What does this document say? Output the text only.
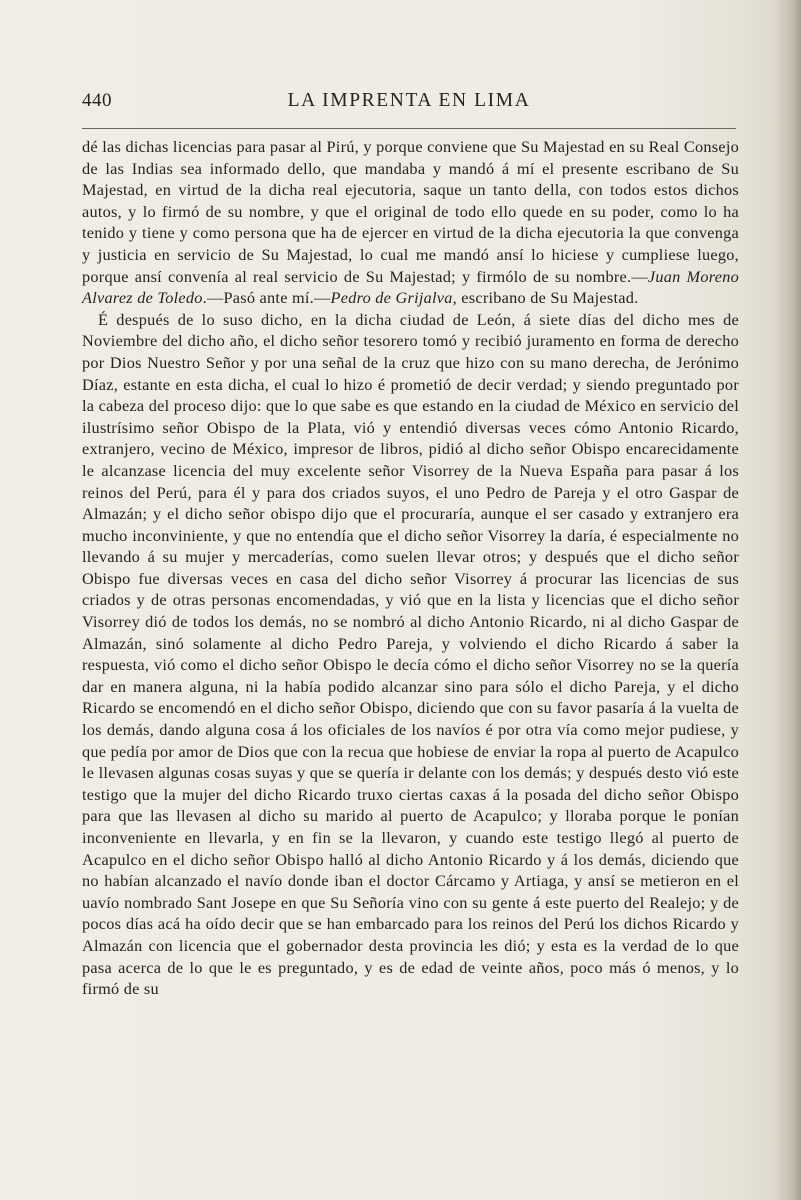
440	LA IMPRENTA EN LIMA

dé las dichas licencias para pasar al Pirú, y porque conviene que Su Majestad en su Real Consejo de las Indias sea informado dello, que mandaba y mandó á mí el presente escribano de Su Majestad, en virtud de la dicha real ejecutoria, saque un tanto della, con todos estos dichos autos, y lo firmó de su nombre, y que el original de todo ello quede en su poder, como lo ha tenido y tiene y como persona que ha de ejercer en virtud de la dicha ejecutoria la que convenga y justicia en servicio de Su Majestad, lo cual me mandó ansí lo hiciese y cumpliese luego, porque ansí convenía al real servicio de Su Majestad; y firmólo de su nombre.—Juan Moreno Alvarez de Toledo.—Pasó ante mí.—Pedro de Grijalva, escribano de Su Majestad.

É después de lo suso dicho, en la dicha ciudad de León, á siete días del dicho mes de Noviembre del dicho año, el dicho señor tesorero tomó y recibió juramento en forma de derecho por Dios Nuestro Señor y por una señal de la cruz que hizo con su mano derecha, de Jerónimo Díaz, estante en esta dicha, el cual lo hizo é prometió de decir verdad; y siendo preguntado por la cabeza del proceso dijo: que lo que sabe es que estando en la ciudad de México en servicio del ilustrísimo señor Obispo de la Plata, vió y entendió diversas veces cómo Antonio Ricardo, extranjero, vecino de México, impresor de libros, pidió al dicho señor Obispo encarecidamente le alcanzase licencia del muy excelente señor Visorrey de la Nueva España para pasar á los reinos del Perú, para él y para dos criados suyos, el uno Pedro de Pareja y el otro Gaspar de Almazán; y el dicho señor obispo dijo que el procuraría, aunque el ser casado y extranjero era mucho inconviniente, y que no entendía que el dicho señor Visorrey la daría, é especialmente no llevando á su mujer y mercaderías, como suelen llevar otros; y después que el dicho señor Obispo fue diversas veces en casa del dicho señor Visorrey á procurar las licencias de sus criados y de otras personas encomendadas, y vió que en la lista y licencias que el dicho señor Visorrey dió de todos los demás, no se nombró al dicho Antonio Ricardo, ni al dicho Gaspar de Almazán, sinó solamente al dicho Pedro Pareja, y volviendo el dicho Ricardo á saber la respuesta, vió como el dicho señor Obispo le decía cómo el dicho señor Visorrey no se la quería dar en manera alguna, ni la había podido alcanzar sino para sólo el dicho Pareja, y el dicho Ricardo se encomendó en el dicho señor Obispo, diciendo que con su favor pasaría á la vuelta de los demás, dando alguna cosa á los oficiales de los navíos é por otra vía como mejor pudiese, y que pedía por amor de Dios que con la recua que hobiese de enviar la ropa al puerto de Acapulco le llevasen algunas cosas suyas y que se quería ir delante con los demás; y después desto vió este testigo que la mujer del dicho Ricardo truxo ciertas caxas á la posada del dicho señor Obispo para que las llevasen al dicho su marido al puerto de Acapulco; y lloraba porque le ponían inconveniente en llevarla, y en fin se la llevaron, y cuando este testigo llegó al puerto de Acapulco en el dicho señor Obispo halló al dicho Antonio Ricardo y á los demás, diciendo que no habían alcanzado el navío donde iban el doctor Cárcamo y Artiaga, y ansí se metieron en el uavío nombrado Sant Josepe en que Su Señoría vino con su gente á este puerto del Realejo; y de pocos días acá ha oído decir que se han embarcado para los reinos del Perú los dichos Ricardo y Almazán con licencia que el gobernador desta provincia les dió; y esta es la verdad de lo que pasa acerca de lo que le es preguntado, y es de edad de veinte años, poco más ó menos, y lo firmó de su
